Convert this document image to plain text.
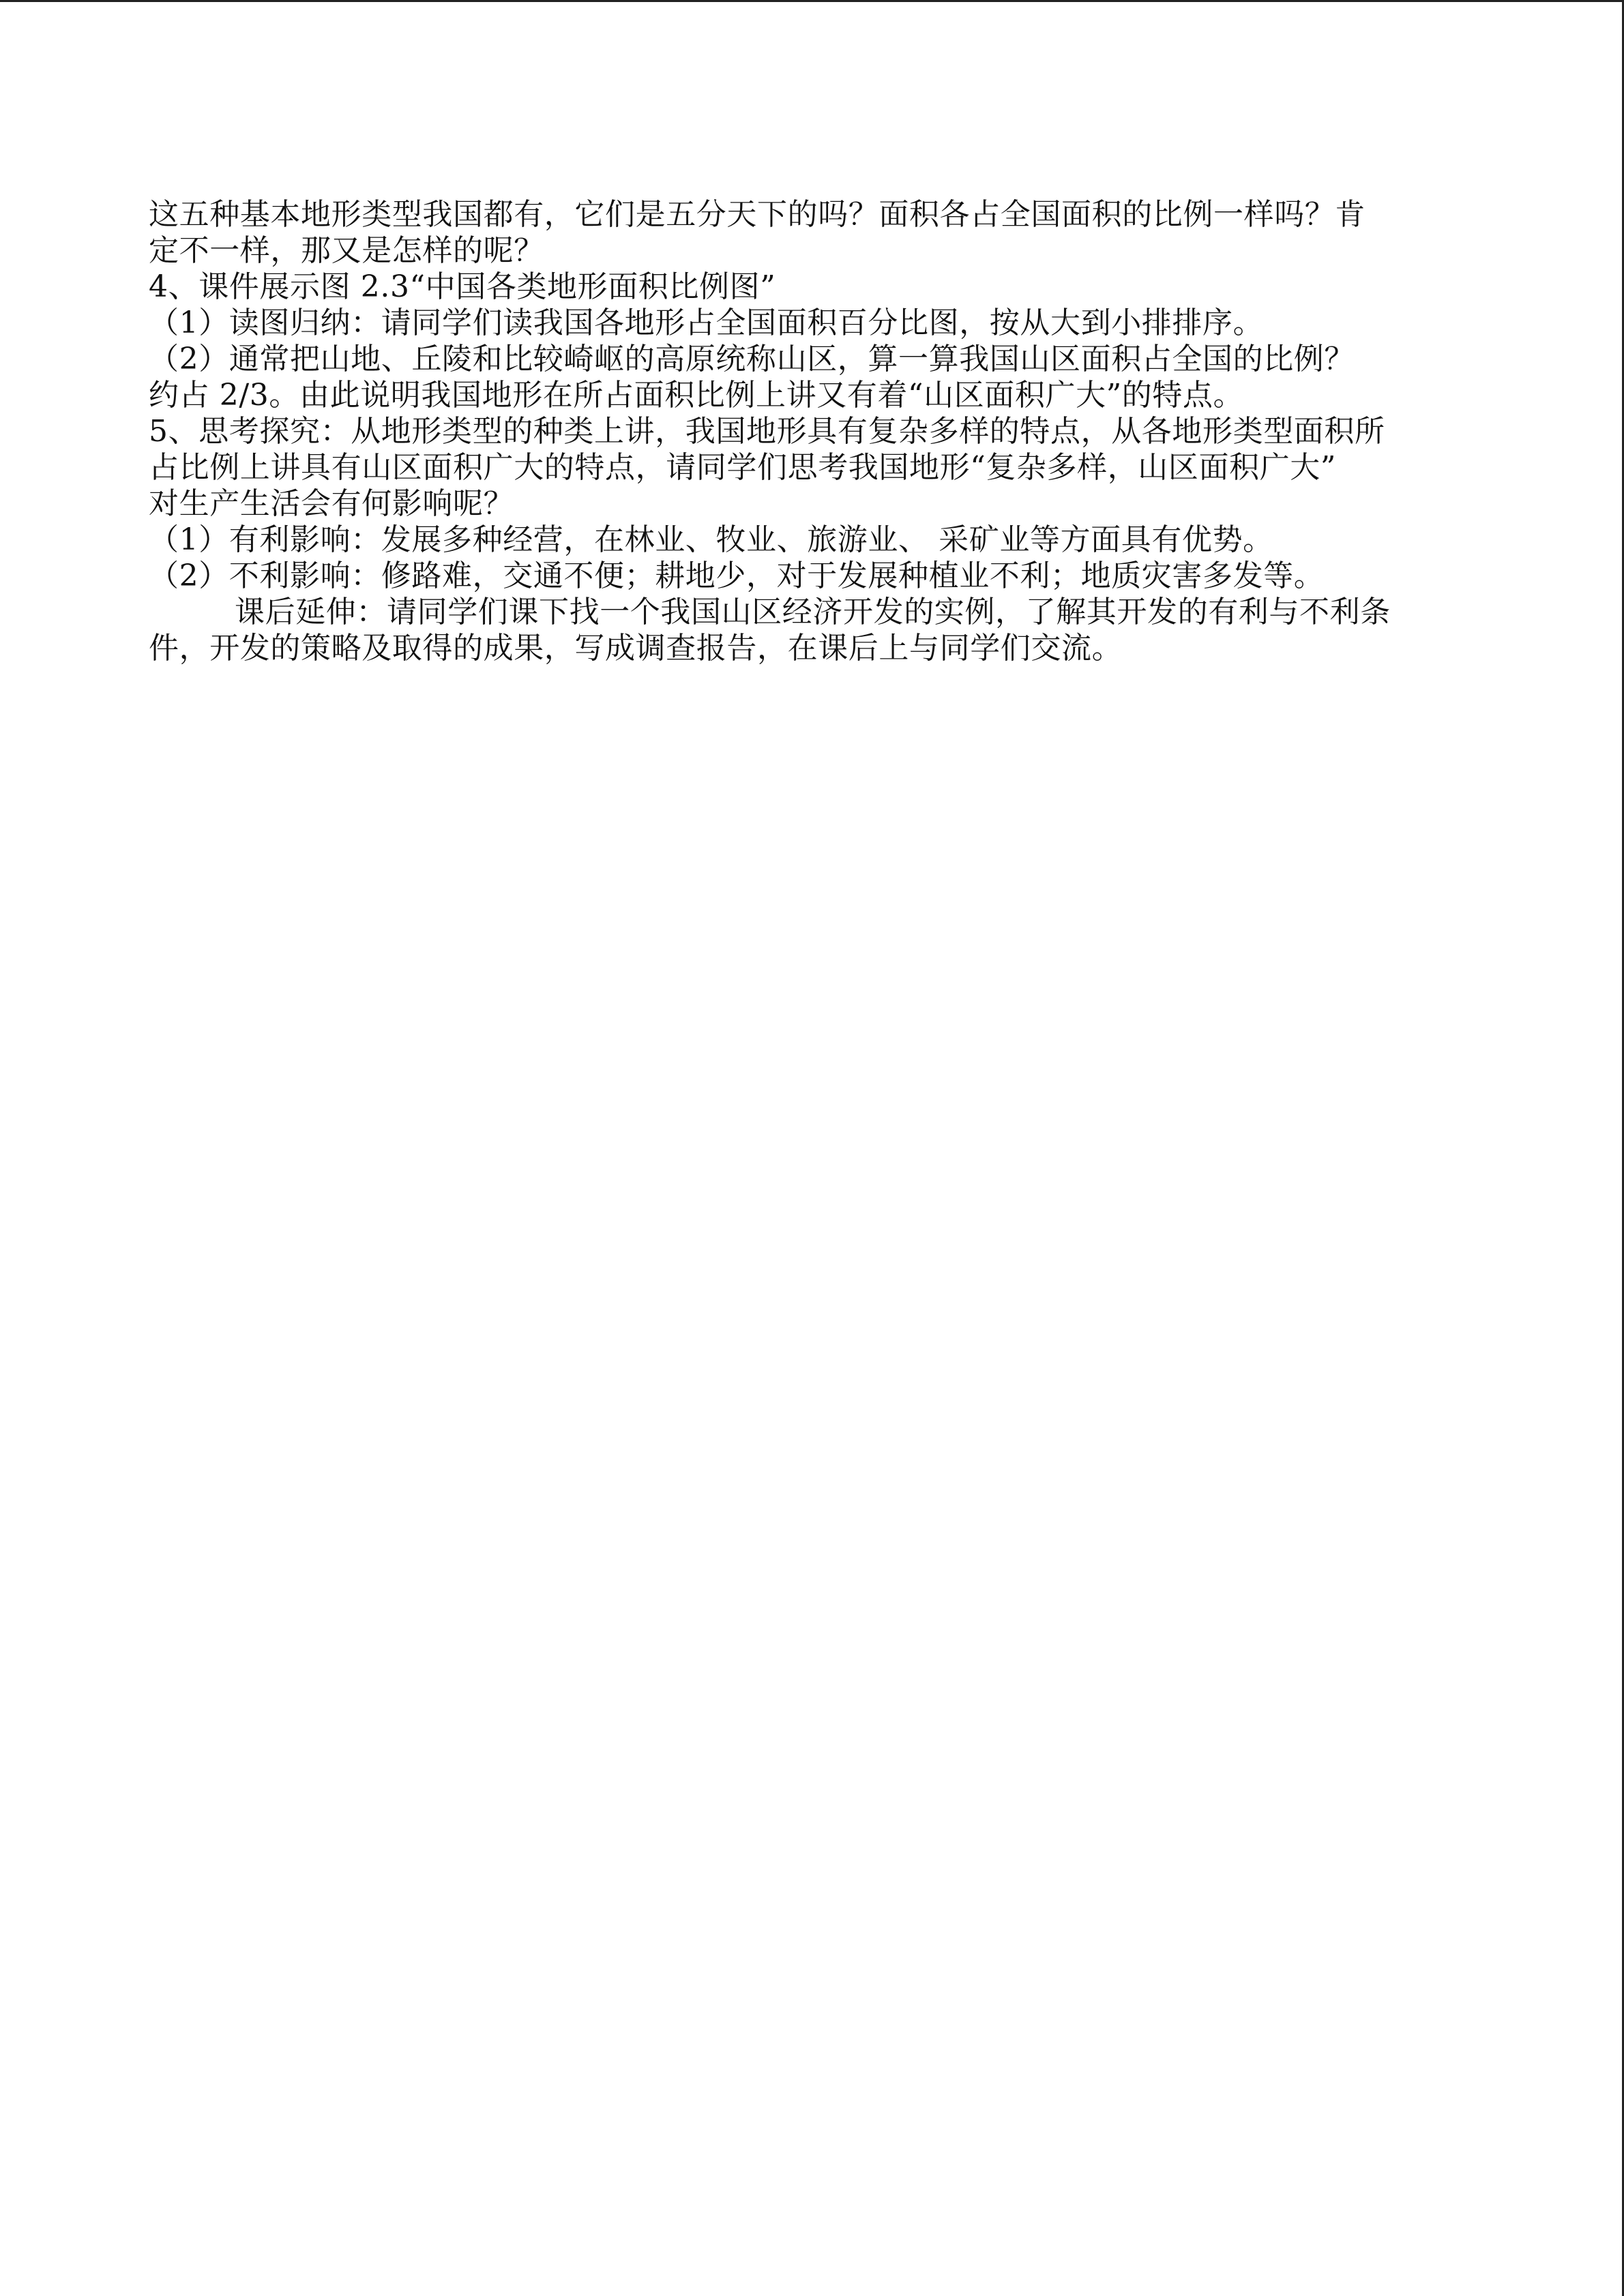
这五种基本地形类型我国都有，它们是五分天下的吗？面积各占全国面积的比例一样吗？肯
定不一样，那又是怎样的呢？
4、课件展示图 2.3“中国各类地形面积比例图”
（1）读图归纳：请同学们读我国各地形占全国面积百分比图，按从大到小排排序。
（2）通常把山地、丘陵和比较崎岖的高原统称山区，算一算我国山区面积占全国的比例？
约占 2/3。由此说明我国地形在所占面积比例上讲又有着“山区面积广大”的特点。
5、思考探究：从地形类型的种类上讲，我国地形具有复杂多样的特点，从各地形类型面积所
占比例上讲具有山区面积广大的特点，请同学们思考我国地形“复杂多样，山区面积广大”
对生产生活会有何影响呢？
（1）有利影响：发展多种经营，在林业、牧业、旅游业、 采矿业等方面具有优势。
（2）不利影响：修路难，交通不便；耕地少，对于发展种植业不利；地质灾害多发等。
课后延伸：请同学们课下找一个我国山区经济开发的实例，了解其开发的有利与不利条
件，开发的策略及取得的成果，写成调查报告，在课后上与同学们交流。
